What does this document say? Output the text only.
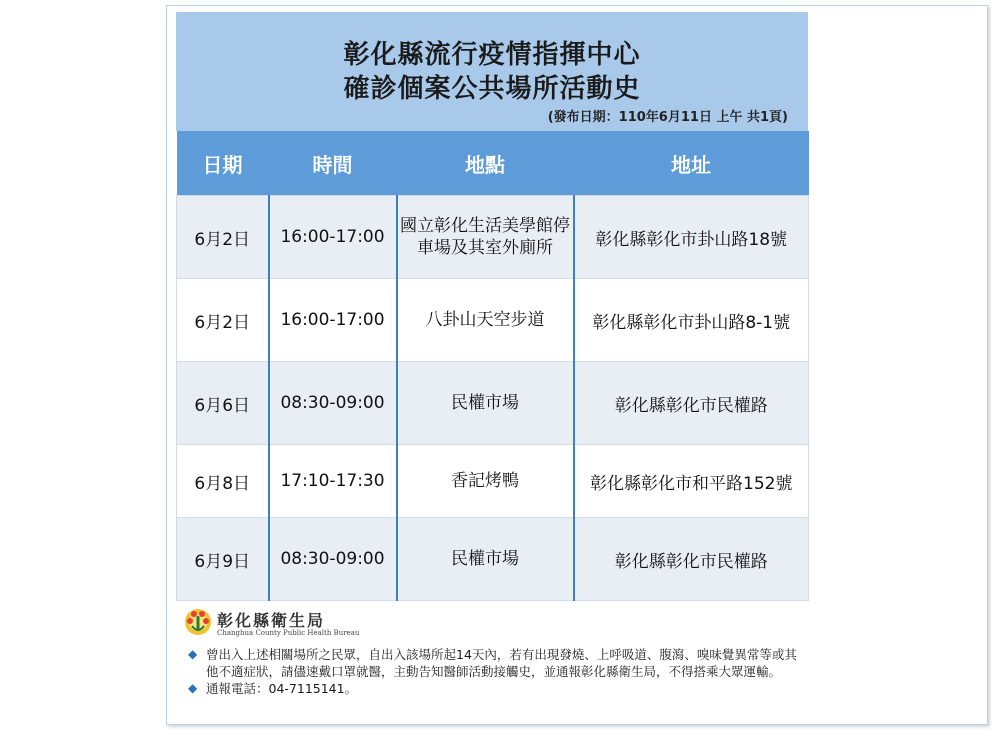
彰化縣流行疫情指揮中心
確診個案公共場所活動史
(發布日期：110年6月11日 上午 共1頁)
日期	時間	地點	地址
6月2日	16:00-17:00	國立彰化生活美學館停車場及其室外廁所	彰化縣彰化市卦山路18號
6月2日	16:00-17:00	八卦山天空步道	彰化縣彰化市卦山路8-1號
6月6日	08:30-09:00	民權市場	彰化縣彰化市民權路
6月8日	17:10-17:30	香記烤鴨	彰化縣彰化市和平路152號
6月9日	08:30-09:00	民權市場	彰化縣彰化市民權路
彰化縣衛生局
Changhua County Public Health Bureau
◆ 曾出入上述相關場所之民眾，自出入該場所起14天內，若有出現發燒、上呼吸道、腹瀉、嗅味覺異常等或其他不適症狀，請儘速戴口罩就醫，主動告知醫師活動接觸史，並通報彰化縣衛生局，不得搭乘大眾運輸。
◆ 通報電話：04-7115141。
